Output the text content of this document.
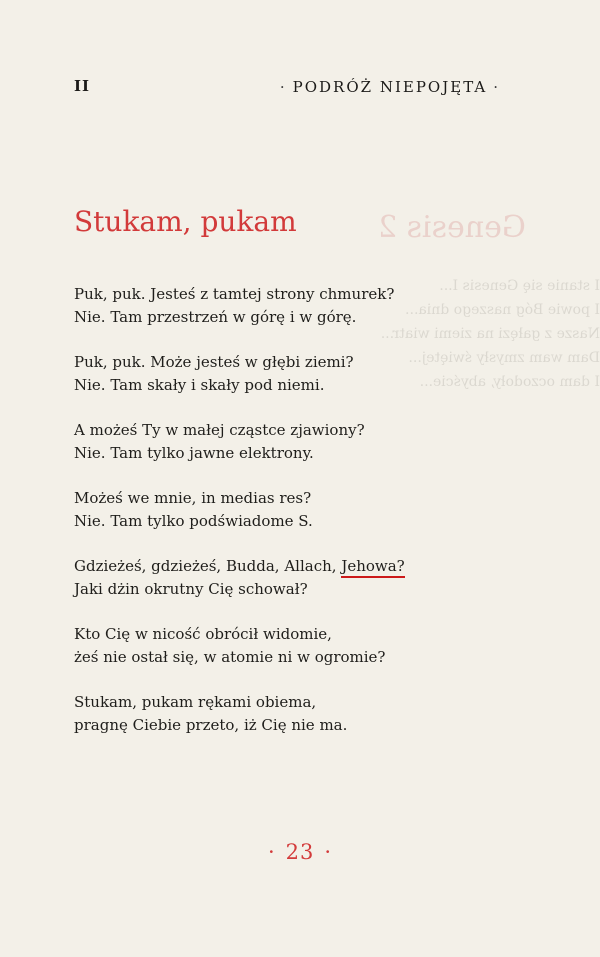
II	· PODRÓŻ NIEPOJĘTA ·
Genesis 2
I stanie się Genesis I...
I powie Bóg naszego dnia...
Nasze z gałęzi na ziemi wiatr...
Dam wam zmysły świętej...
I dam oczodoły, abyście...
Stukam, pukam
Puk, puk. Jesteś z tamtej strony chmurek?
Nie. Tam przestrzeń w górę i w górę.
Puk, puk. Może jesteś w głębi ziemi?
Nie. Tam skały i skały pod niemi.
A możeś Ty w małej cząstce zjawiony?
Nie. Tam tylko jawne elektrony.
Możeś we mnie, in medias res?
Nie. Tam tylko podświadome S.
Gdzieżeś, gdzieżeś, Budda, Allach, Jehowa?
Jaki dżin okrutny Cię schował?
Kto Cię w nicość obrócił widomie,
żeś nie ostał się, w atomie ni w ogromie?
Stukam, pukam rękami obiema,
pragnę Ciebie przeto, iż Cię nie ma.
· 23 ·
